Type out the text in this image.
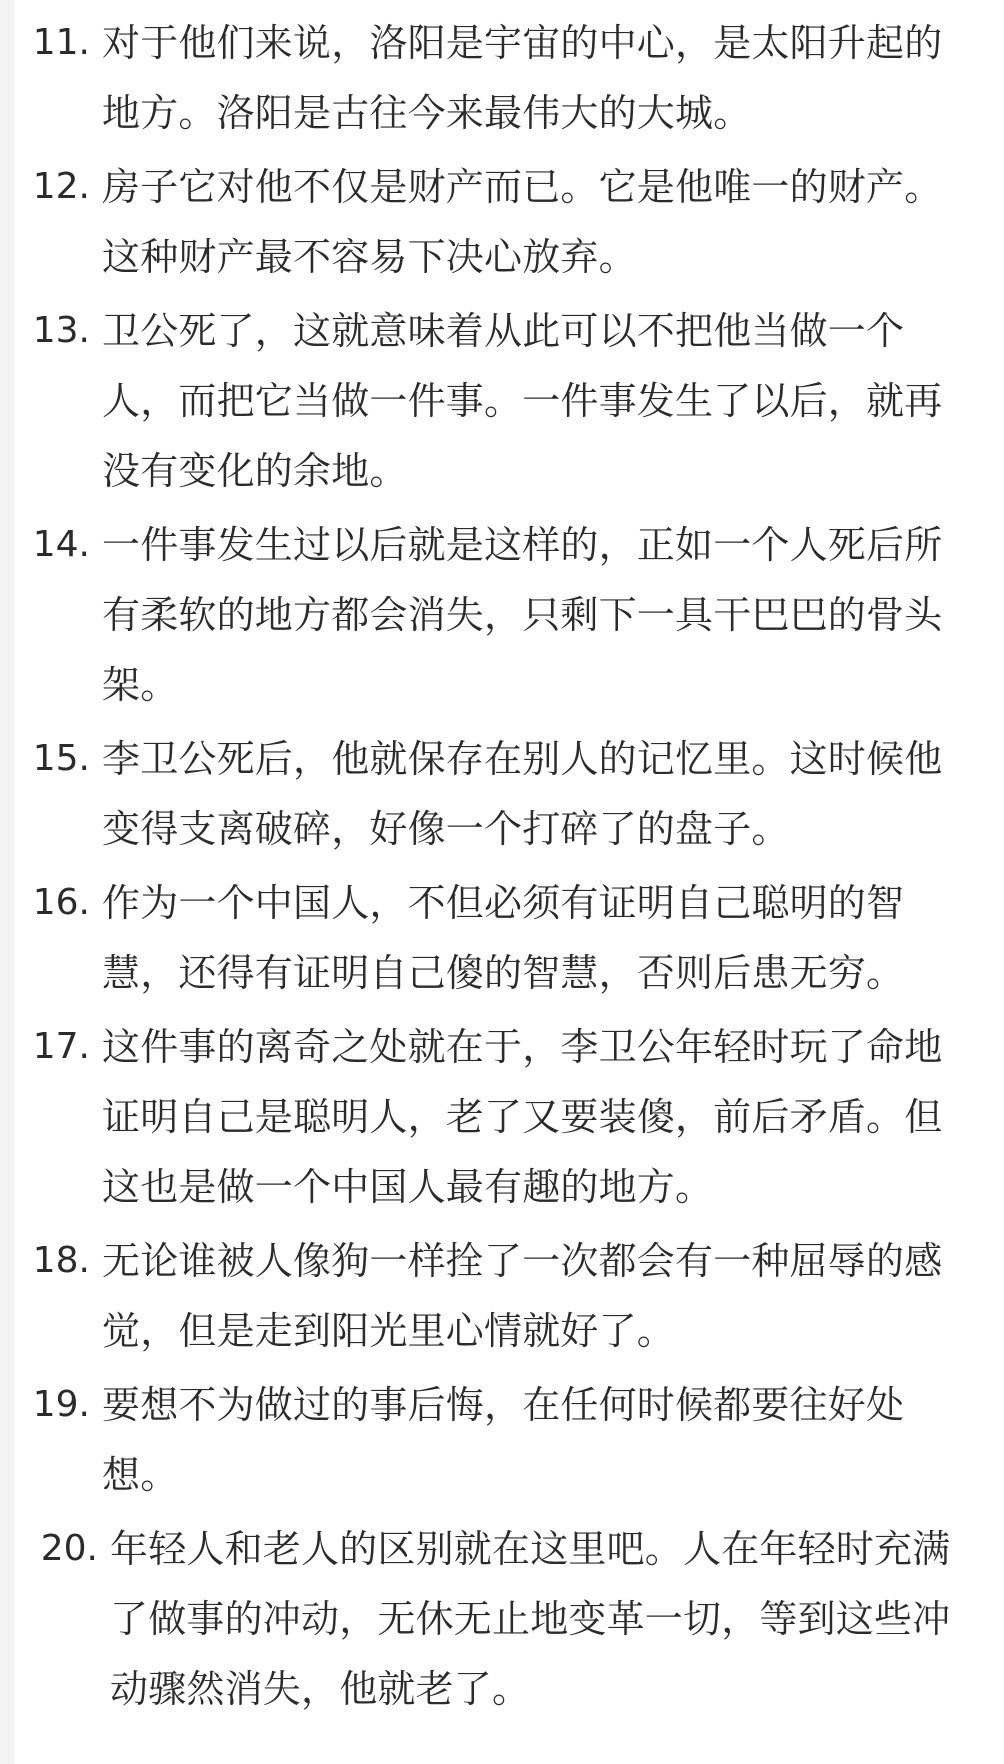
11. 对于他们来说，洛阳是宇宙的中心，是太阳升起的地方。洛阳是古往今来最伟大的大城。
12. 房子它对他不仅是财产而已。它是他唯一的财产。这种财产最不容易下决心放弃。
13. 卫公死了，这就意味着从此可以不把他当做一个人，而把它当做一件事。一件事发生了以后，就再没有变化的余地。
14. 一件事发生过以后就是这样的，正如一个人死后所有柔软的地方都会消失，只剩下一具干巴巴的骨头架。
15. 李卫公死后，他就保存在别人的记忆里。这时候他变得支离破碎，好像一个打碎了的盘子。
16. 作为一个中国人，不但必须有证明自己聪明的智慧，还得有证明自己傻的智慧，否则后患无穷。
17. 这件事的离奇之处就在于，李卫公年轻时玩了命地证明自己是聪明人，老了又要装傻，前后矛盾。但这也是做一个中国人最有趣的地方。
18. 无论谁被人像狗一样拴了一次都会有一种屈辱的感觉，但是走到阳光里心情就好了。
19. 要想不为做过的事后悔，在任何时候都要往好处想。
20. 年轻人和老人的区别就在这里吧。人在年轻时充满了做事的冲动，无休无止地变革一切，等到这些冲动骤然消失，他就老了。
